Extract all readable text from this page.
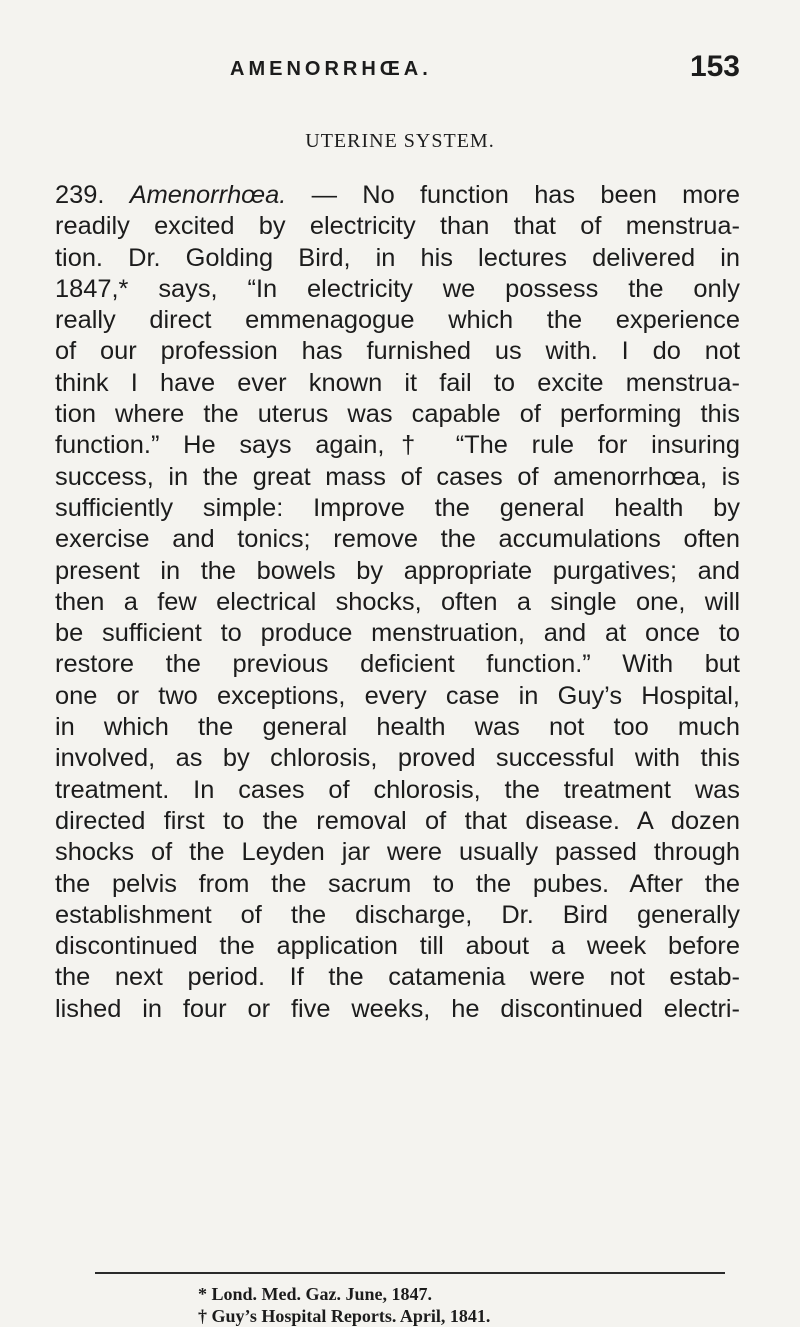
AMENORRHŒA.	153
UTERINE SYSTEM.
239. Amenorrhœa. — No function has been more
readily excited by electricity than that of menstrua-
tion. Dr. Golding Bird, in his lectures delivered in
1847,* says, “In electricity we possess the only
really direct emmenagogue which the experience
of our profession has furnished us with. I do not
think I have ever known it fail to excite menstrua-
tion where the uterus was capable of performing this
function.” He says again,† “The rule for insuring
success, in the great mass of cases of amenorrhœa, is
sufficiently simple: Improve the general health by
exercise and tonics; remove the accumulations often
present in the bowels by appropriate purgatives; and
then a few electrical shocks, often a single one, will
be sufficient to produce menstruation, and at once to
restore the previous deficient function.” With but
one or two exceptions, every case in Guy’s Hospital,
in which the general health was not too much
involved, as by chlorosis, proved successful with this
treatment. In cases of chlorosis, the treatment was
directed first to the removal of that disease. A dozen
shocks of the Leyden jar were usually passed through
the pelvis from the sacrum to the pubes. After the
establishment of the discharge, Dr. Bird generally
discontinued the application till about a week before
the next period. If the catamenia were not estab-
lished in four or five weeks, he discontinued electri-
* Lond. Med. Gaz. June, 1847.
† Guy’s Hospital Reports. April, 1841.
